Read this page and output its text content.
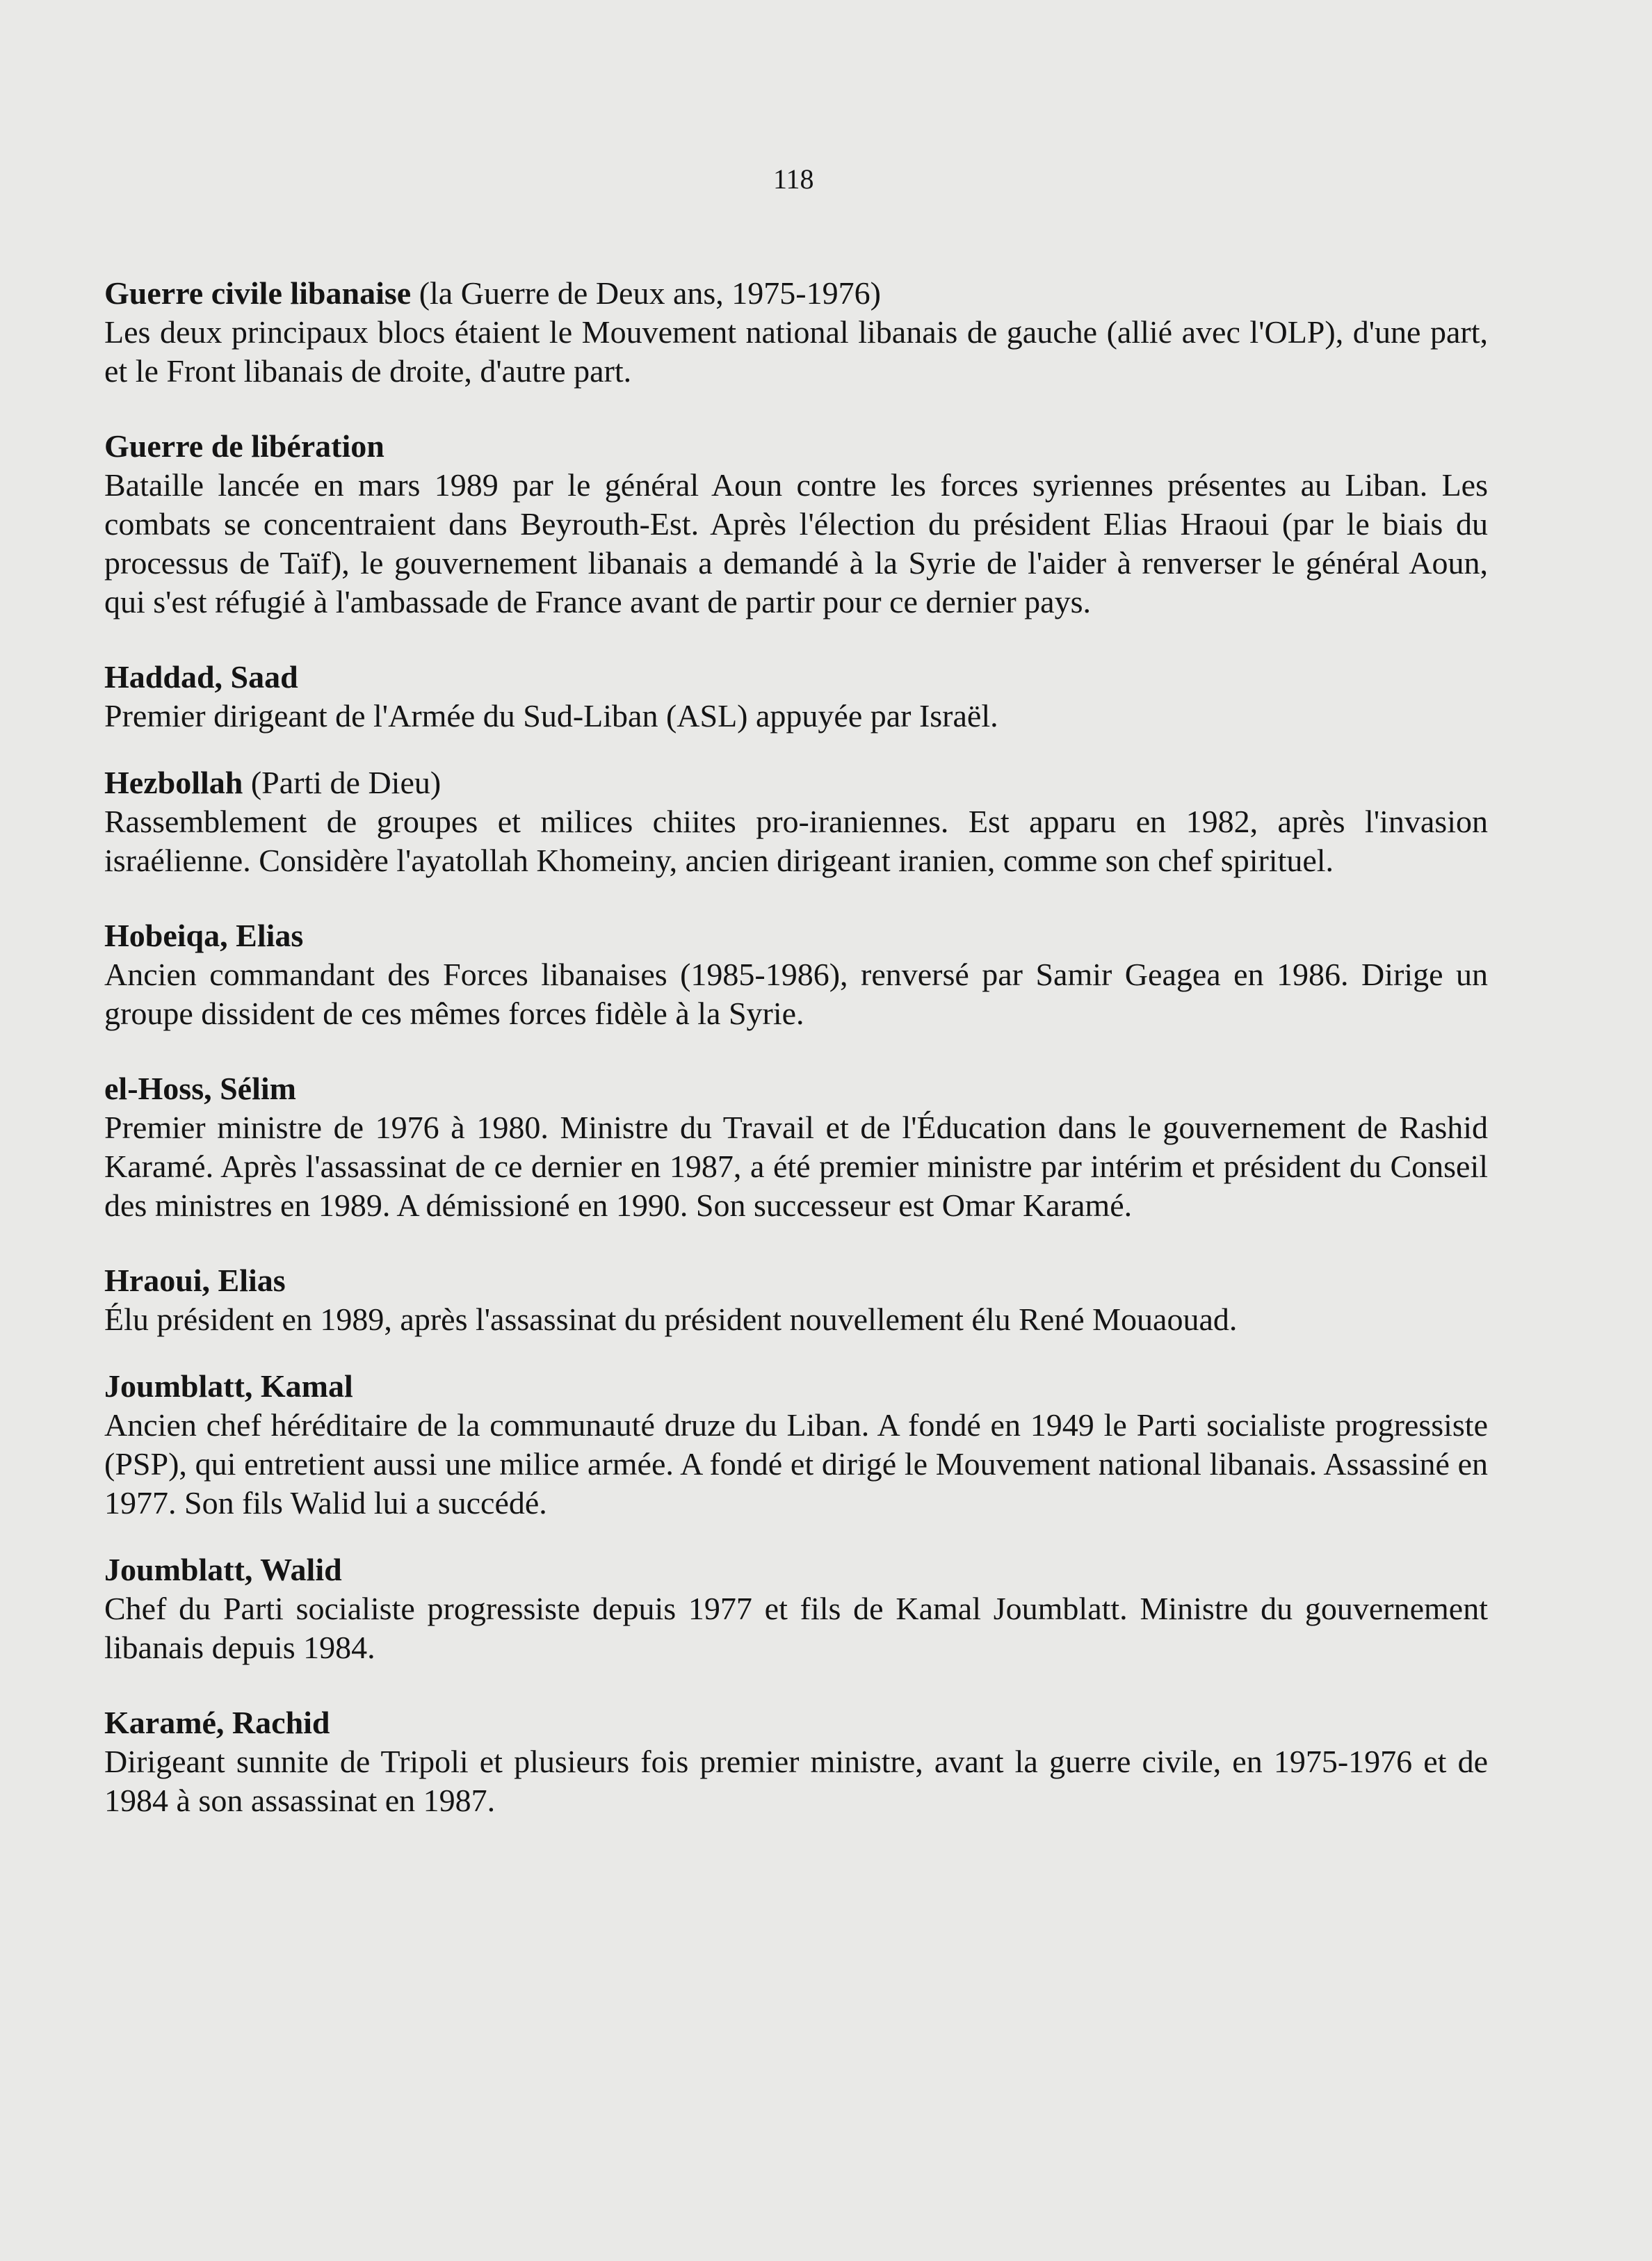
118
Guerre civile libanaise (la Guerre de Deux ans, 1975-1976)

Les deux principaux blocs étaient le Mouvement national libanais de gauche (allié avec l'OLP), d'une part, et le Front libanais de droite, d'autre part.

Guerre de libération

Bataille lancée en mars 1989 par le général Aoun contre les forces syriennes présentes au Liban. Les combats se concentraient dans Beyrouth-Est. Après l'élection du président Elias Hraoui (par le biais du processus de Taïf), le gouvernement libanais a demandé à la Syrie de l'aider à renverser le général Aoun, qui s'est réfugié à l'ambassade de France avant de partir pour ce dernier pays.

Haddad, Saad

Premier dirigeant de l'Armée du Sud-Liban (ASL) appuyée par Israël.

Hezbollah (Parti de Dieu)

Rassemblement de groupes et milices chiites pro-iraniennes. Est apparu en 1982, après l'invasion israélienne. Considère l'ayatollah Khomeiny, ancien dirigeant iranien, comme son chef spirituel.

Hobeiqa, Elias

Ancien commandant des Forces libanaises (1985-1986), renversé par Samir Geagea en 1986. Dirige un groupe dissident de ces mêmes forces fidèle à la Syrie.

el-Hoss, Sélim

Premier ministre de 1976 à 1980. Ministre du Travail et de l'Éducation dans le gouvernement de Rashid Karamé. Après l'assassinat de ce dernier en 1987, a été premier ministre par intérim et président du Conseil des ministres en 1989. A démissioné en 1990. Son successeur est Omar Karamé.

Hraoui, Elias

Élu président en 1989, après l'assassinat du président nouvellement élu René Mouaouad.

Joumblatt, Kamal

Ancien chef héréditaire de la communauté druze du Liban. A fondé en 1949 le Parti socialiste progressiste (PSP), qui entretient aussi une milice armée. A fondé et dirigé le Mouvement national libanais. Assassiné en 1977. Son fils Walid lui a succédé.

Joumblatt, Walid

Chef du Parti socialiste progressiste depuis 1977 et fils de Kamal Joumblatt. Ministre du gouvernement libanais depuis 1984.

Karamé, Rachid

Dirigeant sunnite de Tripoli et plusieurs fois premier ministre, avant la guerre civile, en 1975-1976 et de 1984 à son assassinat en 1987.
